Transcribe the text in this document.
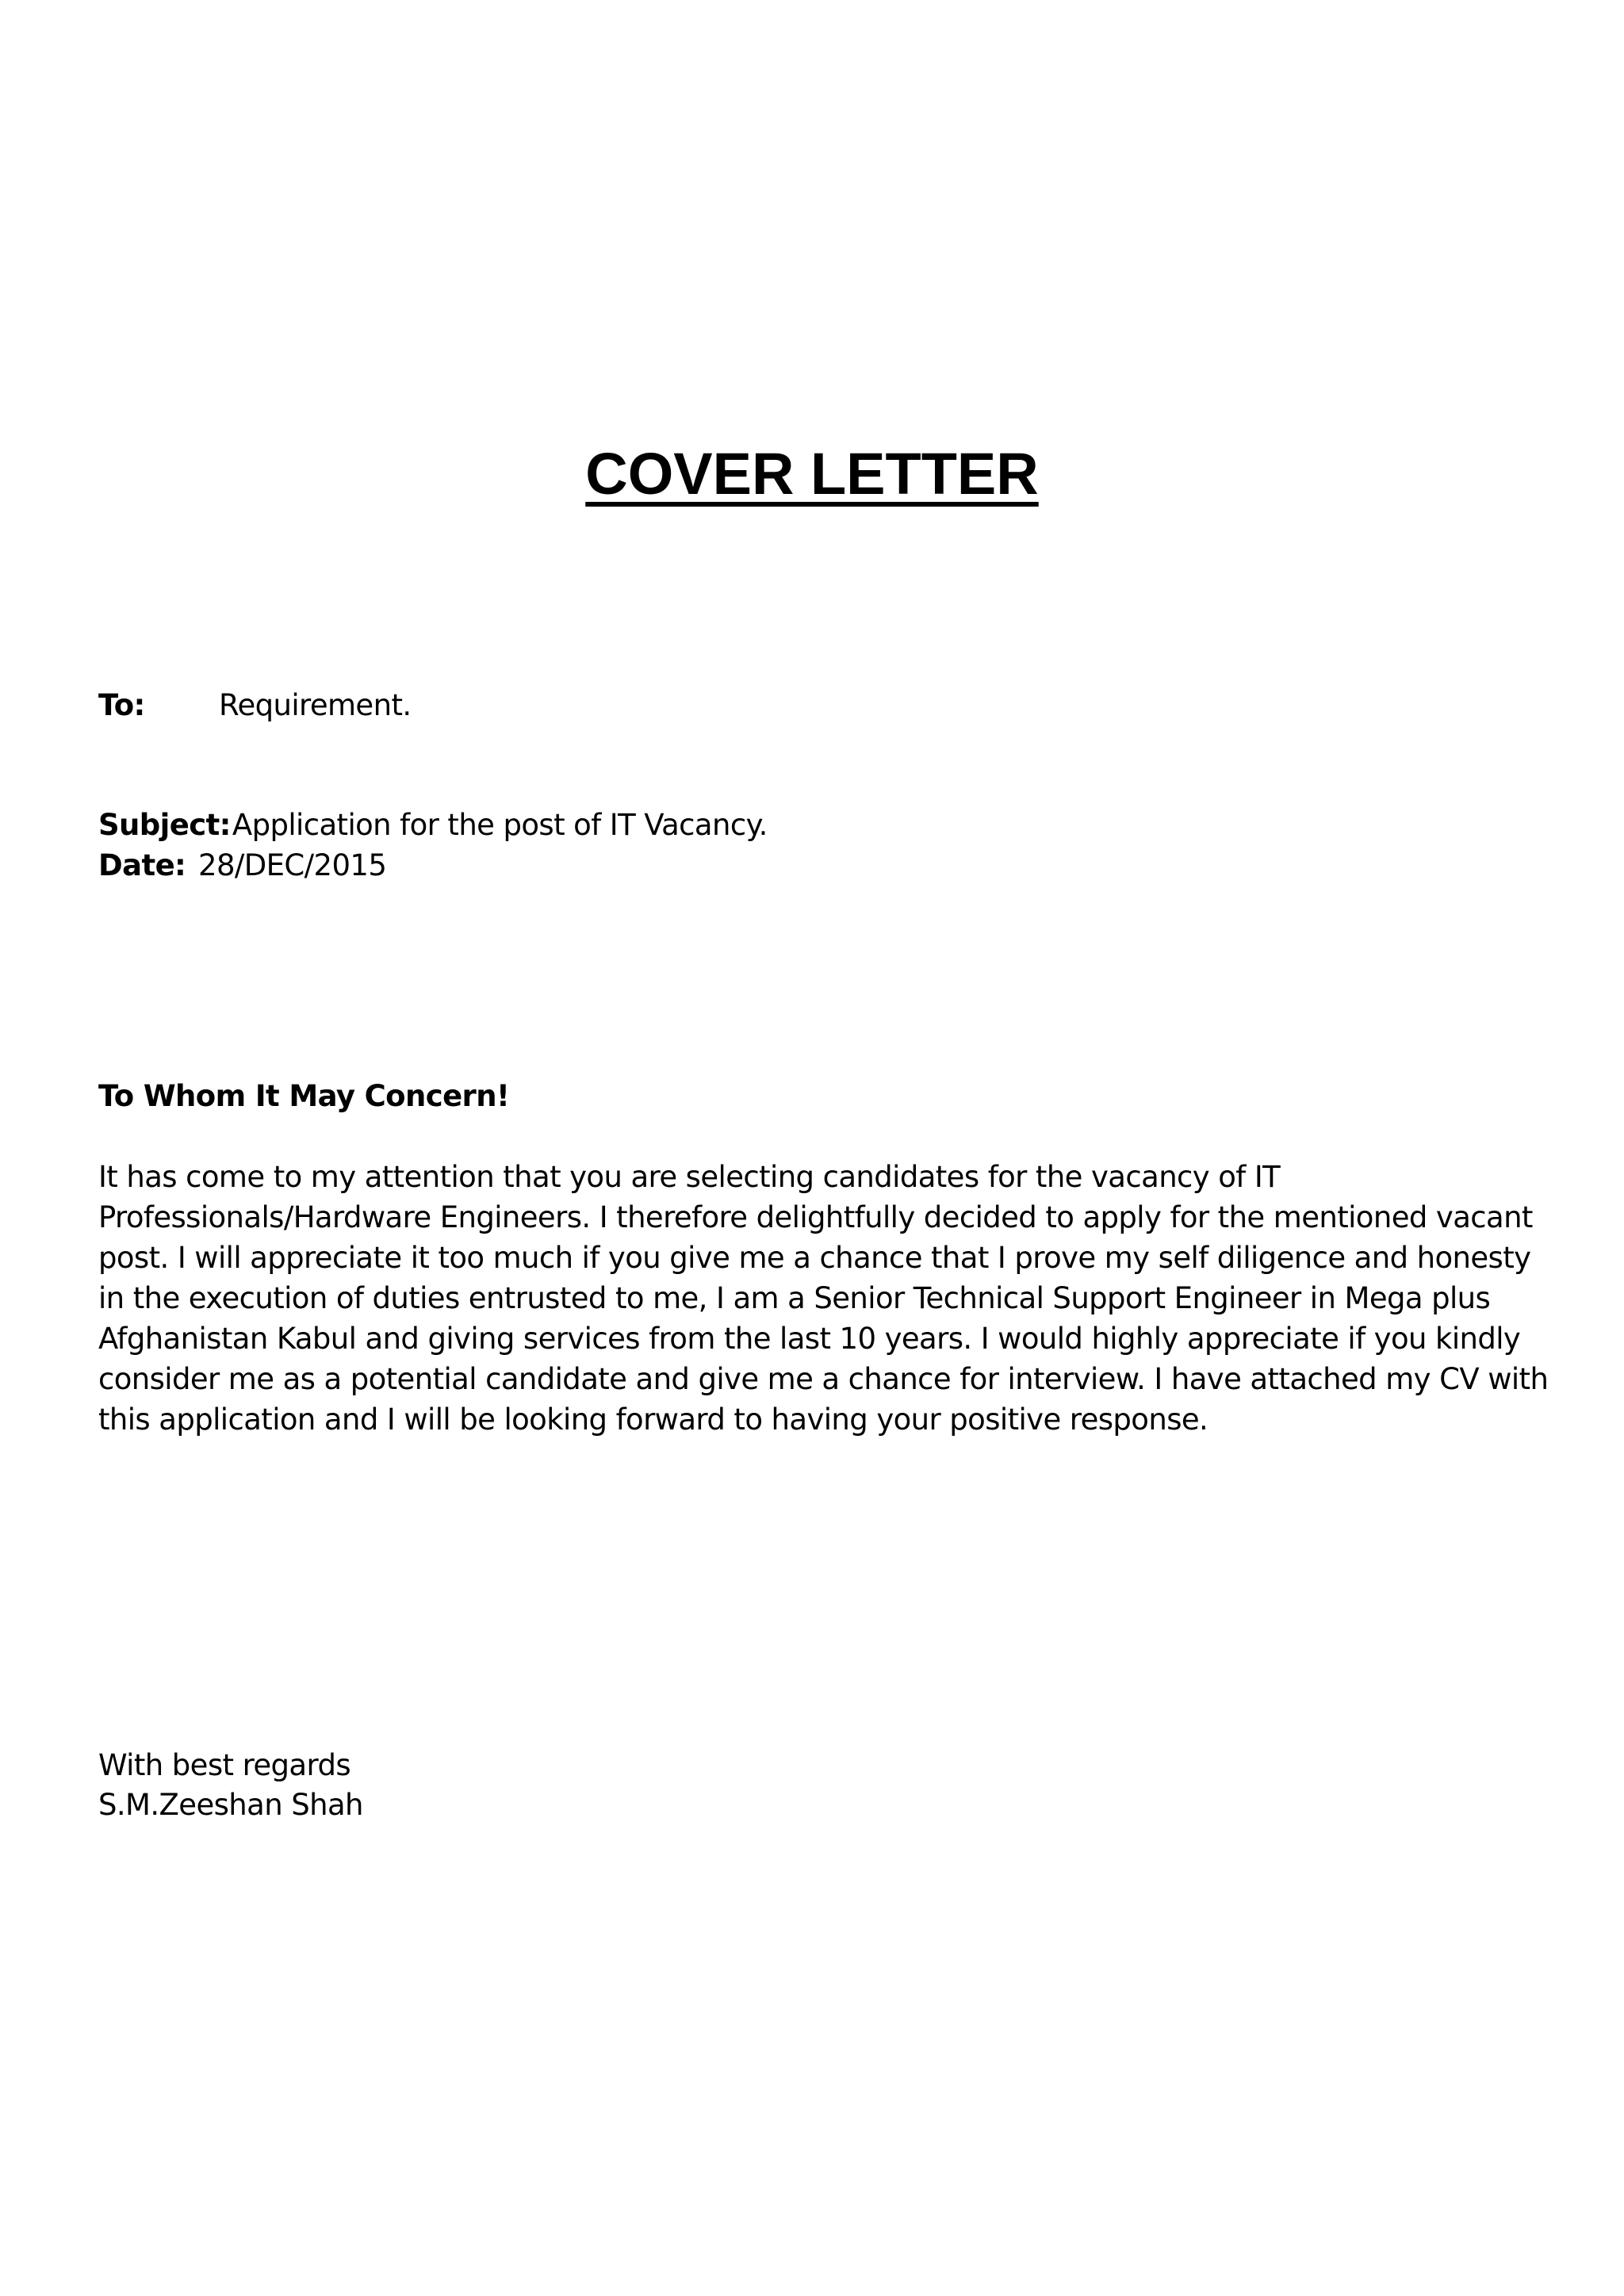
COVER LETTER
To:	Requirement.
Subject:Application for the post of IT Vacancy.
Date: 28/DEC/2015
To Whom It May Concern!

It has come to my attention that you are selecting candidates for the vacancy of IT Professionals/Hardware Engineers. I therefore delightfully decided to apply for the mentioned vacant post. I will appreciate it too much if you give me a chance that I prove my self diligence and honesty in the execution of duties entrusted to me, I am a Senior Technical Support Engineer in Mega plus Afghanistan Kabul and giving services from the last 10 years. I would highly appreciate if you kindly consider me as a potential candidate and give me a chance for interview. I have attached my CV with this application and I will be looking forward to having your positive response.

With best regards
S.M.Zeeshan Shah
